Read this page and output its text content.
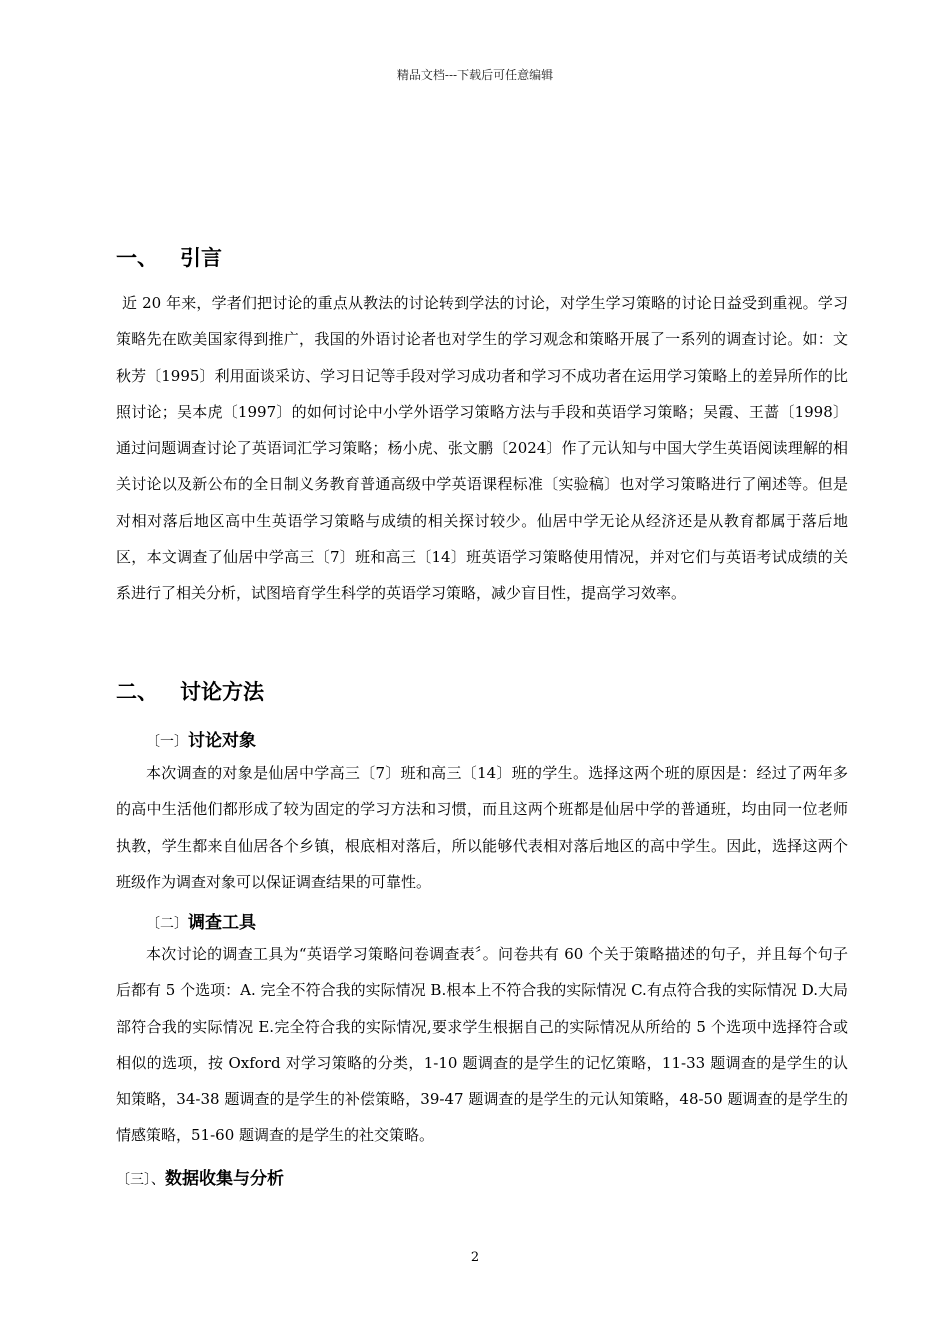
精品文档---下载后可任意编辑
一、 引言

近 20 年来，学者们把讨论的重点从教法的讨论转到学法的讨论，对学生学习策略的讨论日益受到重视。学习策略先在欧美国家得到推广，我国的外语讨论者也对学生的学习观念和策略开展了一系列的调查讨论。如：文秋芳〔1995〕利用面谈采访、学习日记等手段对学习成功者和学习不成功者在运用学习策略上的差异所作的比照讨论；吴本虎〔1997〕的如何讨论中小学外语学习策略方法与手段和英语学习策略；吴霞、王蔷〔1998〕通过问题调查讨论了英语词汇学习策略；杨小虎、张文鹏〔2024〕作了元认知与中国大学生英语阅读理解的相关讨论以及新公布的全日制义务教育普通高级中学英语课程标准〔实验稿〕也对学习策略进行了阐述等。但是对相对落后地区高中生英语学习策略与成绩的相关探讨较少。仙居中学无论从经济还是从教育都属于落后地区，本文调查了仙居中学高三〔7〕班和高三〔14〕班英语学习策略使用情况，并对它们与英语考试成绩的关系进行了相关分析，试图培育学生科学的英语学习策略，减少盲目性，提高学习效率。

二、 讨论方法
〔一〕讨论对象

本次调查的对象是仙居中学高三〔7〕班和高三〔14〕班的学生。选择这两个班的原因是：经过了两年多的高中生活他们都形成了较为固定的学习方法和习惯，而且这两个班都是仙居中学的普通班，均由同一位老师执教，学生都来自仙居各个乡镇，根底相对落后，所以能够代表相对落后地区的高中学生。因此，选择这两个班级作为调查对象可以保证调查结果的可靠性。

〔二〕调查工具

本次讨论的调查工具为“英语学习策略问卷调查表〞。问卷共有 60 个关于策略描述的句子，并且每个句子后都有 5 个选项：A. 完全不符合我的实际情况 B.根本上不符合我的实际情况 C.有点符合我的实际情况 D.大局部符合我的实际情况 E.完全符合我的实际情况,要求学生根据自己的实际情况从所给的 5 个选项中选择符合或相似的选项，按 Oxford 对学习策略的分类，1-10 题调查的是学生的记忆策略，11-33 题调查的是学生的认知策略，34-38 题调查的是学生的补偿策略，39-47 题调查的是学生的元认知策略，48-50 题调查的是学生的情感策略，51-60 题调查的是学生的社交策略。

〔三〕、数据收集与分析
2
